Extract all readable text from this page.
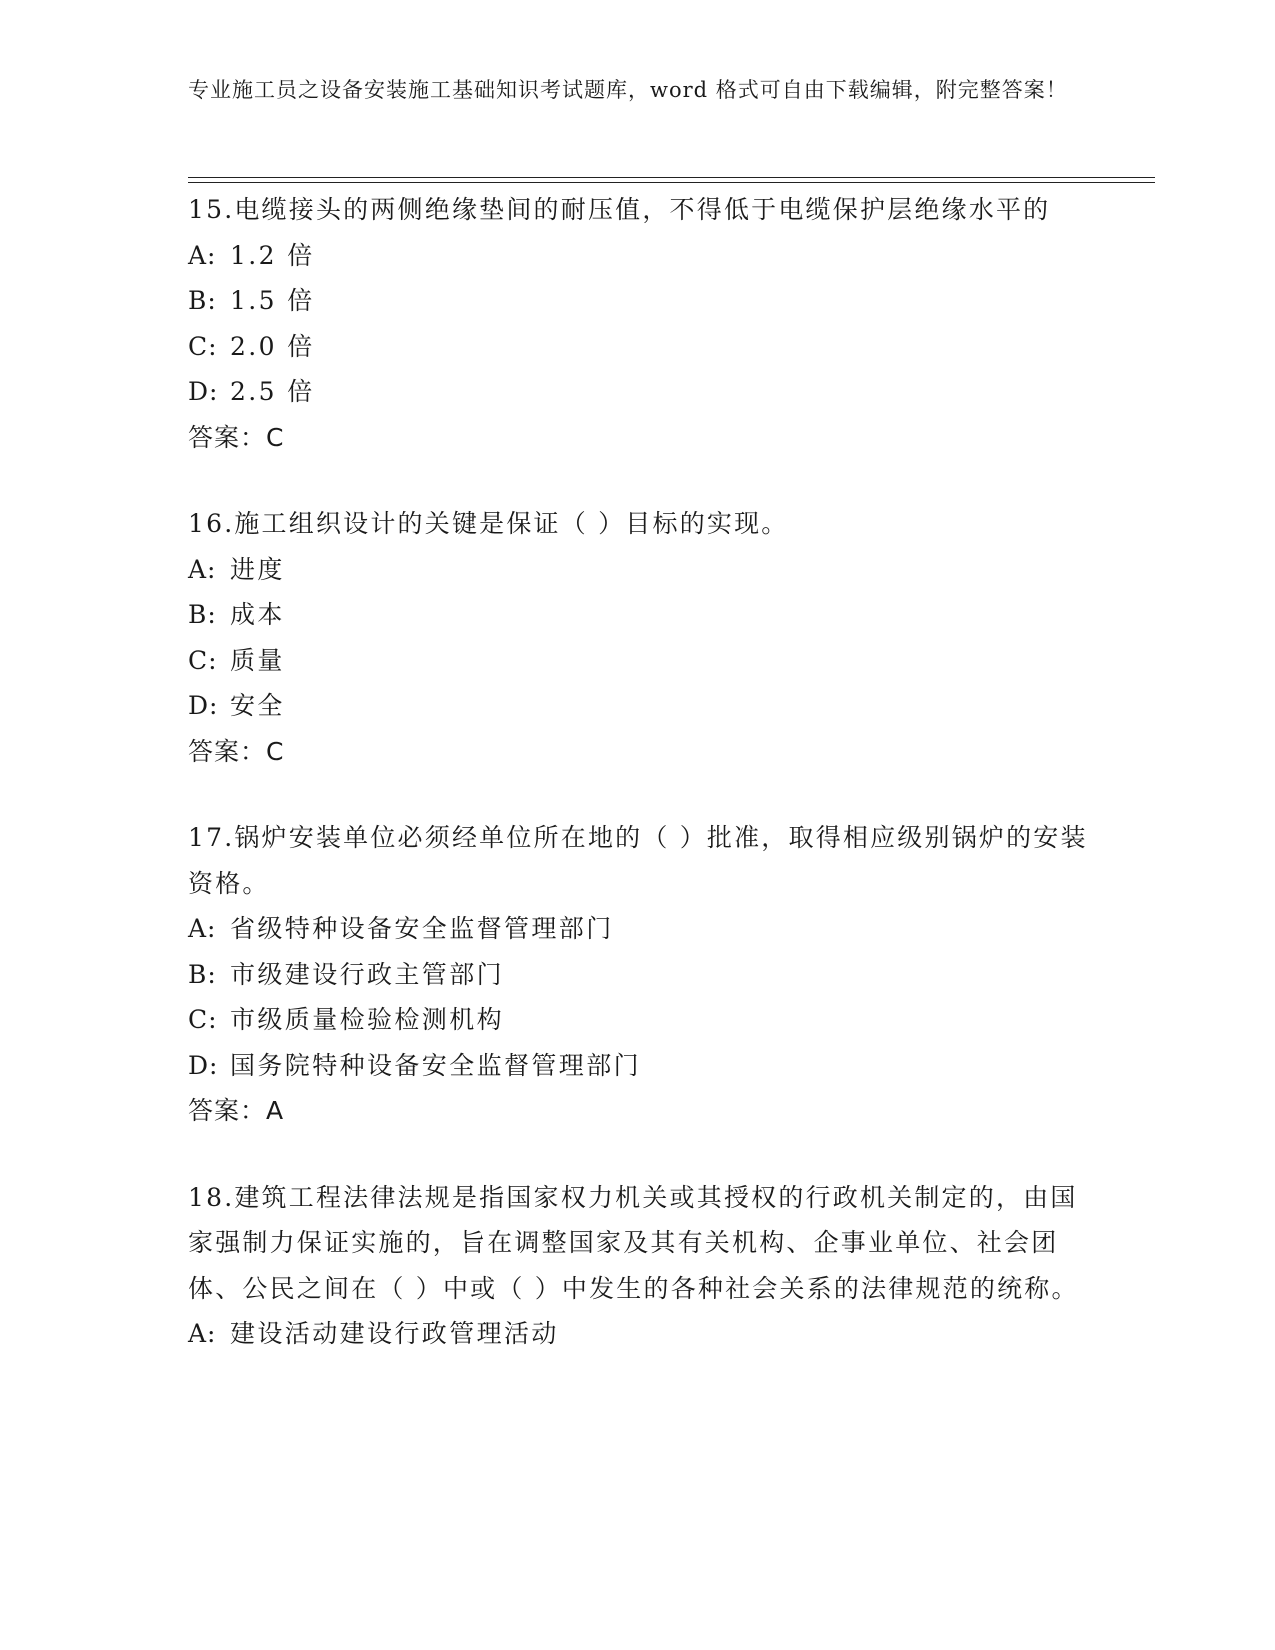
专业施工员之设备安装施工基础知识考试题库，word 格式可自由下载编辑，附完整答案！
15.电缆接头的两侧绝缘垫间的耐压值，不得低于电缆保护层绝缘水平的
A: 1.2 倍
B: 1.5 倍
C: 2.0 倍
D: 2.5 倍
答案：C
16.施工组织设计的关键是保证（ ）目标的实现。
A: 进度
B: 成本
C: 质量
D: 安全
答案：C
17.锅炉安装单位必须经单位所在地的（ ）批准，取得相应级别锅炉的安装资格。
A: 省级特种设备安全监督管理部门
B: 市级建设行政主管部门
C: 市级质量检验检测机构
D: 国务院特种设备安全监督管理部门
答案：A
18.建筑工程法律法规是指国家权力机关或其授权的行政机关制定的，由国家强制力保证实施的，旨在调整国家及其有关机构、企事业单位、社会团体、公民之间在（ ）中或（ ）中发生的各种社会关系的法律规范的统称。
A: 建设活动建设行政管理活动
